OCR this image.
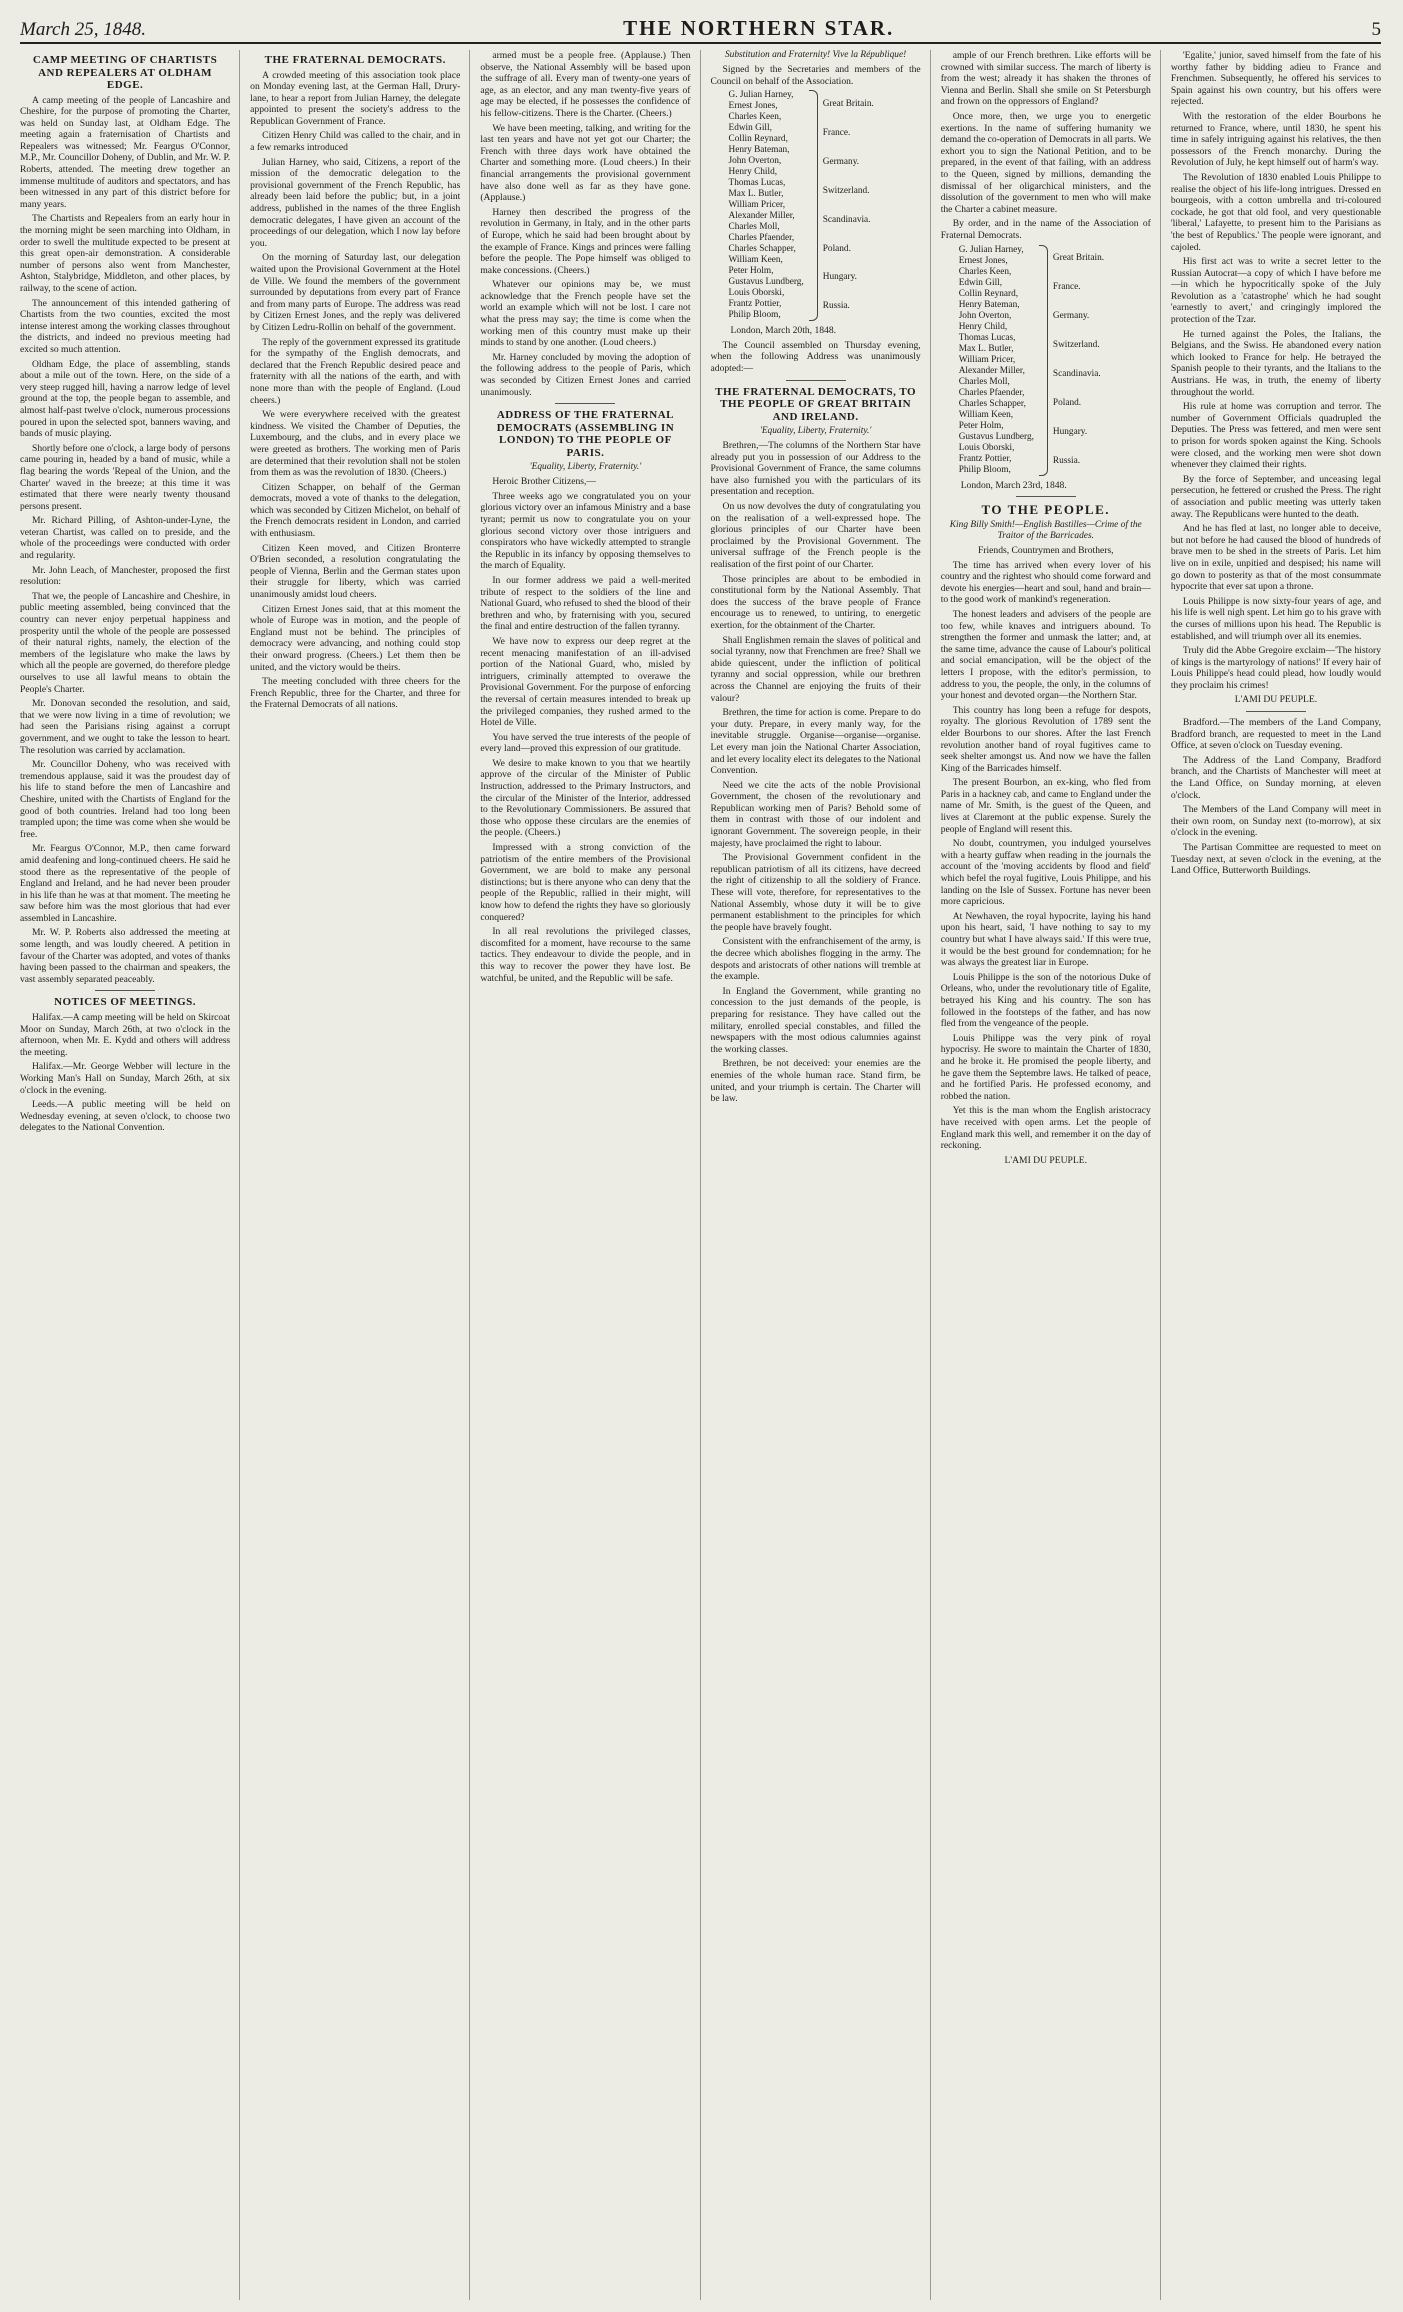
March 25, 1848.	THE NORTHERN STAR.	5
CAMP MEETING OF CHARTISTS AND REPEALERS AT OLDHAM EDGE.

A camp meeting of the people of Lancashire and Cheshire, for the purpose of promoting the Charter, was held on Sunday last, at Oldham Edge. The meeting again a fraternisation of Chartists and Repealers was witnessed; Mr. Feargus O'Connor, M.P., Mr. Councillor Doheny, of Dublin, and Mr. W. P. Roberts, attended. The meeting drew together an immense multitude of auditors and spectators, and has been witnessed in any part of this district before for many years.

The Chartists and Repealers from an early hour in the morning might be seen marching into Oldham, in order to swell the multitude expected to be present at this great open-air demonstration. A considerable number of persons also went from Manchester, Ashton, Stalybridge, Middleton, and other places, by railway, to the scene of action.

The announcement of this intended gathering of Chartists from the two counties, excited the most intense interest among the working classes throughout the districts, and indeed no previous meeting had excited so much attention.

Oldham Edge, the place of assembling, stands about a mile out of the town. Here, on the side of a very steep rugged hill, having a narrow ledge of level ground at the top, the people began to assemble, and almost half-past twelve o'clock, numerous processions poured in upon the selected spot, banners waving, and bands of music playing.

Shortly before one o'clock, a large body of persons came pouring in, headed by a band of music, while a flag bearing the words 'Repeal of the Union, and the Charter' waved in the breeze; at this time it was estimated that there were nearly twenty thousand persons present.

Mr. Richard Pilling, of Ashton-under-Lyne, the veteran Chartist, was called on to preside, and the whole of the proceedings were conducted with order and regularity.

Mr. John Leach, of Manchester, proposed the first resolution:

That we, the people of Lancashire and Cheshire, in public meeting assembled, being convinced that the country can never enjoy perpetual happiness and prosperity until the whole of the people are possessed of their natural rights, namely, the election of the members of the legislature who make the laws by which all the people are governed, do therefore pledge ourselves to use all lawful means to obtain the People's Charter.

Mr. Donovan seconded the resolution, and said, that we were now living in a time of revolution; we had seen the Parisians rising against a corrupt government, and we ought to take the lesson to heart. The resolution was carried by acclamation.

Mr. Councillor Doheny, who was received with tremendous applause, said it was the proudest day of his life to stand before the men of Lancashire and Cheshire, united with the Chartists of England for the good of both countries. Ireland had too long been trampled upon; the time was come when she would be free.

Mr. Feargus O'Connor, M.P., then came forward amid deafening and long-continued cheers. He said he stood there as the representative of the people of England and Ireland, and he had never been prouder in his life than he was at that moment. The meeting he saw before him was the most glorious that had ever assembled in Lancashire.

Mr. W. P. Roberts also addressed the meeting at some length, and was loudly cheered. A petition in favour of the Charter was adopted, and votes of thanks having been passed to the chairman and speakers, the vast assembly separated peaceably.

NOTICES OF MEETINGS.

Halifax.—A camp meeting will be held on Skircoat Moor on Sunday, March 26th, at two o'clock in the afternoon, when Mr. E. Kydd and others will address the meeting.

Halifax.—Mr. George Webber will lecture in the Working Man's Hall on Sunday, March 26th, at six o'clock in the evening.

Leeds.—A public meeting will be held on Wednesday evening, at seven o'clock, to choose two delegates to the National Convention.

THE FRATERNAL DEMOCRATS.

A crowded meeting of this association took place on Monday evening last, at the German Hall, Drury-lane, to hear a report from Julian Harney, the delegate appointed to present the society's address to the Republican Government of France.

Citizen Henry Child was called to the chair, and in a few remarks introduced

Julian Harney, who said, Citizens, a report of the mission of the democratic delegation to the provisional government of the French Republic, has already been laid before the public; but, in a joint address, published in the names of the three English democratic delegates, I have given an account of the proceedings of our delegation, which I now lay before you.

On the morning of Saturday last, our delegation waited upon the Provisional Government at the Hotel de Ville. We found the members of the government surrounded by deputations from every part of France and from many parts of Europe. The address was read by Citizen Ernest Jones, and the reply was delivered by Citizen Ledru-Rollin on behalf of the government.

The reply of the government expressed its gratitude for the sympathy of the English democrats, and declared that the French Republic desired peace and fraternity with all the nations of the earth, and with none more than with the people of England. (Loud cheers.)

We were everywhere received with the greatest kindness. We visited the Chamber of Deputies, the Luxembourg, and the clubs, and in every place we were greeted as brothers. The working men of Paris are determined that their revolution shall not be stolen from them as was the revolution of 1830. (Cheers.)

Citizen Schapper, on behalf of the German democrats, moved a vote of thanks to the delegation, which was seconded by Citizen Michelot, on behalf of the French democrats resident in London, and carried with enthusiasm.

Citizen Keen moved, and Citizen Bronterre O'Brien seconded, a resolution congratulating the people of Vienna, Berlin and the German states upon their struggle for liberty, which was carried unanimously amidst loud cheers.

Citizen Ernest Jones said, that at this moment the whole of Europe was in motion, and the people of England must not be behind. The principles of democracy were advancing, and nothing could stop their onward progress. (Cheers.) Let them then be united, and the victory would be theirs.

The meeting concluded with three cheers for the French Republic, three for the Charter, and three for the Fraternal Democrats of all nations.

armed must be a people free. (Applause.) Then observe, the National Assembly will be based upon the suffrage of all. Every man of twenty-one years of age, as an elector, and any man twenty-five years of age may be elected, if he possesses the confidence of his fellow-citizens. There is the Charter. (Cheers.)

We have been meeting, talking, and writing for the last ten years and have not yet got our Charter; the French with three days work have obtained the Charter and something more. (Loud cheers.) In their financial arrangements the provisional government have also done well as far as they have gone. (Applause.)

Harney then described the progress of the revolution in Germany, in Italy, and in the other parts of Europe, which he said had been brought about by the example of France. Kings and princes were falling before the people. The Pope himself was obliged to make concessions. (Cheers.)

Whatever our opinions may be, we must acknowledge that the French people have set the world an example which will not be lost. I care not what the press may say; the time is come when the working men of this country must make up their minds to stand by one another. (Loud cheers.)

Mr. Harney concluded by moving the adoption of the following address to the people of Paris, which was seconded by Citizen Ernest Jones and carried unanimously.

ADDRESS OF THE FRATERNAL DEMOCRATS (ASSEMBLING IN LONDON) TO THE PEOPLE OF PARIS.

'Equality, Liberty, Fraternity.'

Heroic Brother Citizens,—

Three weeks ago we congratulated you on your glorious victory over an infamous Ministry and a base tyrant; permit us now to congratulate you on your glorious second victory over those intriguers and conspirators who have wickedly attempted to strangle the Republic in its infancy by opposing themselves to the march of Equality.

In our former address we paid a well-merited tribute of respect to the soldiers of the line and National Guard, who refused to shed the blood of their brethren and who, by fraternising with you, secured the final and entire destruction of the fallen tyranny.

We have now to express our deep regret at the recent menacing manifestation of an ill-advised portion of the National Guard, who, misled by intriguers, criminally attempted to overawe the Provisional Government. For the purpose of enforcing the reversal of certain measures intended to break up the privileged companies, they rushed armed to the Hotel de Ville.

You have served the true interests of the people of every land—proved this expression of our gratitude.

We desire to make known to you that we heartily approve of the circular of the Minister of Public Instruction, addressed to the Primary Instructors, and the circular of the Minister of the Interior, addressed to the Revolutionary Commissioners. Be assured that those who oppose these circulars are the enemies of the people. (Cheers.)

Impressed with a strong conviction of the patriotism of the entire members of the Provisional Government, we are bold to make any personal distinctions; but is there anyone who can deny that the people of the Republic, rallied in their might, will know how to defend the rights they have so gloriously conquered?

In all real revolutions the privileged classes, discomfited for a moment, have recourse to the same tactics. They endeavour to divide the people, and in this way to recover the power they have lost. Be watchful, be united, and the Republic will be safe.

Substitution and Fraternity! Vive la République!

Signed by the Secretaries and members of the Council on behalf of the Association.

G. Julian Harney,
Ernest Jones,
Charles Keen,
Edwin Gill,
Collin Reynard,
Henry Bateman,
John Overton,
Henry Child,
Thomas Lucas,
Max L. Butler,
William Pricer,
Alexander Miller,
Charles Moll,
Charles Pfaender,
Charles Schapper,
William Keen,
Peter Holm,
Gustavus Lundberg,
Louis Oborski,
Frantz Pottier,
Philip Bloom,
Great Britain.
France.
Germany.
Switzerland.
Scandinavia.
Poland.
Hungary.
Russia.

London, March 20th, 1848.

The Council assembled on Thursday evening, when the following Address was unanimously adopted:—

THE FRATERNAL DEMOCRATS, TO THE PEOPLE OF GREAT BRITAIN AND IRELAND.

'Equality, Liberty, Fraternity.'

Brethren,—The columns of the Northern Star have already put you in possession of our Address to the Provisional Government of France, the same columns have also furnished you with the particulars of its presentation and reception.

On us now devolves the duty of congratulating you on the realisation of a well-expressed hope. The glorious principles of our Charter have been proclaimed by the Provisional Government. The universal suffrage of the French people is the realisation of the first point of our Charter.

Those principles are about to be embodied in constitutional form by the National Assembly. That does the success of the brave people of France encourage us to renewed, to untiring, to energetic exertion, for the obtainment of the Charter.

Shall Englishmen remain the slaves of political and social tyranny, now that Frenchmen are free? Shall we abide quiescent, under the infliction of political tyranny and social oppression, while our brethren across the Channel are enjoying the fruits of their valour?

Brethren, the time for action is come. Prepare to do your duty. Prepare, in every manly way, for the inevitable struggle. Organise—organise—organise. Let every man join the National Charter Association, and let every locality elect its delegates to the National Convention.

Need we cite the acts of the noble Provisional Government, the chosen of the revolutionary and Republican working men of Paris? Behold some of them in contrast with those of our indolent and ignorant Government. The sovereign people, in their majesty, have proclaimed the right to labour.

The Provisional Government confident in the republican patriotism of all its citizens, have decreed the right of citizenship to all the soldiery of France. These will vote, therefore, for representatives to the National Assembly, whose duty it will be to give permanent establishment to the principles for which the people have bravely fought.

Consistent with the enfranchisement of the army, is the decree which abolishes flogging in the army. The despots and aristocrats of other nations will tremble at the example.

In England the Government, while granting no concession to the just demands of the people, is preparing for resistance. They have called out the military, enrolled special constables, and filled the newspapers with the most odious calumnies against the working classes.

Brethren, be not deceived: your enemies are the enemies of the whole human race. Stand firm, be united, and your triumph is certain. The Charter will be law.

ample of our French brethren. Like efforts will be crowned with similar success. The march of liberty is from the west; already it has shaken the thrones of Vienna and Berlin. Shall she smile on St Petersburgh and frown on the oppressors of England?

Once more, then, we urge you to energetic exertions. In the name of suffering humanity we demand the co-operation of Democrats in all parts. We exhort you to sign the National Petition, and to be prepared, in the event of that failing, with an address to the Queen, signed by millions, demanding the dismissal of her oligarchical ministers, and the dissolution of the government to men who will make the Charter a cabinet measure.

By order, and in the name of the Association of Fraternal Democrats.

G. Julian Harney,
Ernest Jones,
Charles Keen,
Edwin Gill,
Collin Reynard,
Henry Bateman,
John Overton,
Henry Child,
Thomas Lucas,
Max L. Butler,
William Pricer,
Alexander Miller,
Charles Moll,
Charles Pfaender,
Charles Schapper,
William Keen,
Peter Holm,
Gustavus Lundberg,
Louis Oborski,
Frantz Pottier,
Philip Bloom,
Great Britain.
France.
Germany.
Switzerland.
Scandinavia.
Poland.
Hungary.
Russia.

London, March 23rd, 1848.

TO THE PEOPLE.

King Billy Smith!—English Bastilles—Crime of the Traitor of the Barricades.

Friends, Countrymen and Brothers,

The time has arrived when every lover of his country and the rightest who should come forward and devote his energies—heart and soul, hand and brain—to the good work of mankind's regeneration.

The honest leaders and advisers of the people are too few, while knaves and intriguers abound. To strengthen the former and unmask the latter; and, at the same time, advance the cause of Labour's political and social emancipation, will be the object of the letters I propose, with the editor's permission, to address to you, the people, the only, in the columns of your honest and devoted organ—the Northern Star.

This country has long been a refuge for despots, royalty. The glorious Revolution of 1789 sent the elder Bourbons to our shores. After the last French revolution another band of royal fugitives came to seek shelter amongst us. And now we have the fallen King of the Barricades himself.

The present Bourbon, an ex-king, who fled from Paris in a hackney cab, and came to England under the name of Mr. Smith, is the guest of the Queen, and lives at Claremont at the public expense. Surely the people of England will resent this.

No doubt, countrymen, you indulged yourselves with a hearty guffaw when reading in the journals the account of the 'moving accidents by flood and field' which befel the royal fugitive, Louis Philippe, and his landing on the Isle of Sussex. Fortune has never been more capricious.

At Newhaven, the royal hypocrite, laying his hand upon his heart, said, 'I have nothing to say to my country but what I have always said.' If this were true, it would be the best ground for condemnation; for he was always the greatest liar in Europe.

Louis Philippe is the son of the notorious Duke of Orleans, who, under the revolutionary title of Egalite, betrayed his King and his country. The son has followed in the footsteps of the father, and has now fled from the vengeance of the people.

Louis Philippe was the very pink of royal hypocrisy. He swore to maintain the Charter of 1830, and he broke it. He promised the people liberty, and he gave them the Septembre laws. He talked of peace, and he fortified Paris. He professed economy, and robbed the nation.

Yet this is the man whom the English aristocracy have received with open arms. Let the people of England mark this well, and remember it on the day of reckoning.

L'AMI DU PEUPLE.

'Egalite,' junior, saved himself from the fate of his worthy father by bidding adieu to France and Frenchmen. Subsequently, he offered his services to Spain against his own country, but his offers were rejected.

With the restoration of the elder Bourbons he returned to France, where, until 1830, he spent his time in safely intriguing against his relatives, the then possessors of the French monarchy. During the Revolution of July, he kept himself out of harm's way.

The Revolution of 1830 enabled Louis Philippe to realise the object of his life-long intrigues. Dressed en bourgeois, with a cotton umbrella and tri-coloured cockade, he got that old fool, and very questionable 'liberal,' Lafayette, to present him to the Parisians as 'the best of Republics.' The people were ignorant, and cajoled.

His first act was to write a secret letter to the Russian Autocrat—a copy of which I have before me—in which he hypocritically spoke of the July Revolution as a 'catastrophe' which he had sought 'earnestly to avert,' and cringingly implored the protection of the Tzar.

He turned against the Poles, the Italians, the Belgians, and the Swiss. He abandoned every nation which looked to France for help. He betrayed the Spanish people to their tyrants, and the Italians to the Austrians. He was, in truth, the enemy of liberty throughout the world.

His rule at home was corruption and terror. The number of Government Officials quadrupled the Deputies. The Press was fettered, and men were sent to prison for words spoken against the King. Schools were closed, and the working men were shot down whenever they claimed their rights.

By the force of September, and unceasing legal persecution, he fettered or crushed the Press. The right of association and public meeting was utterly taken away. The Republicans were hunted to the death.

And he has fled at last, no longer able to deceive, but not before he had caused the blood of hundreds of brave men to be shed in the streets of Paris. Let him live on in exile, unpitied and despised; his name will go down to posterity as that of the most consummate hypocrite that ever sat upon a throne.

Louis Philippe is now sixty-four years of age, and his life is well nigh spent. Let him go to his grave with the curses of millions upon his head. The Republic is established, and will triumph over all its enemies.

Truly did the Abbe Gregoire exclaim—'The history of kings is the martyrology of nations!' If every hair of Louis Philippe's head could plead, how loudly would they proclaim his crimes!

L'AMI DU PEUPLE.

Bradford.—The members of the Land Company, Bradford branch, are requested to meet in the Land Office, at seven o'clock on Tuesday evening.

The Address of the Land Company, Bradford branch, and the Chartists of Manchester will meet at the Land Office, on Sunday morning, at eleven o'clock.

The Members of the Land Company will meet in their own room, on Sunday next (to-morrow), at six o'clock in the evening.

The Partisan Committee are requested to meet on Tuesday next, at seven o'clock in the evening, at the Land Office, Butterworth Buildings.
